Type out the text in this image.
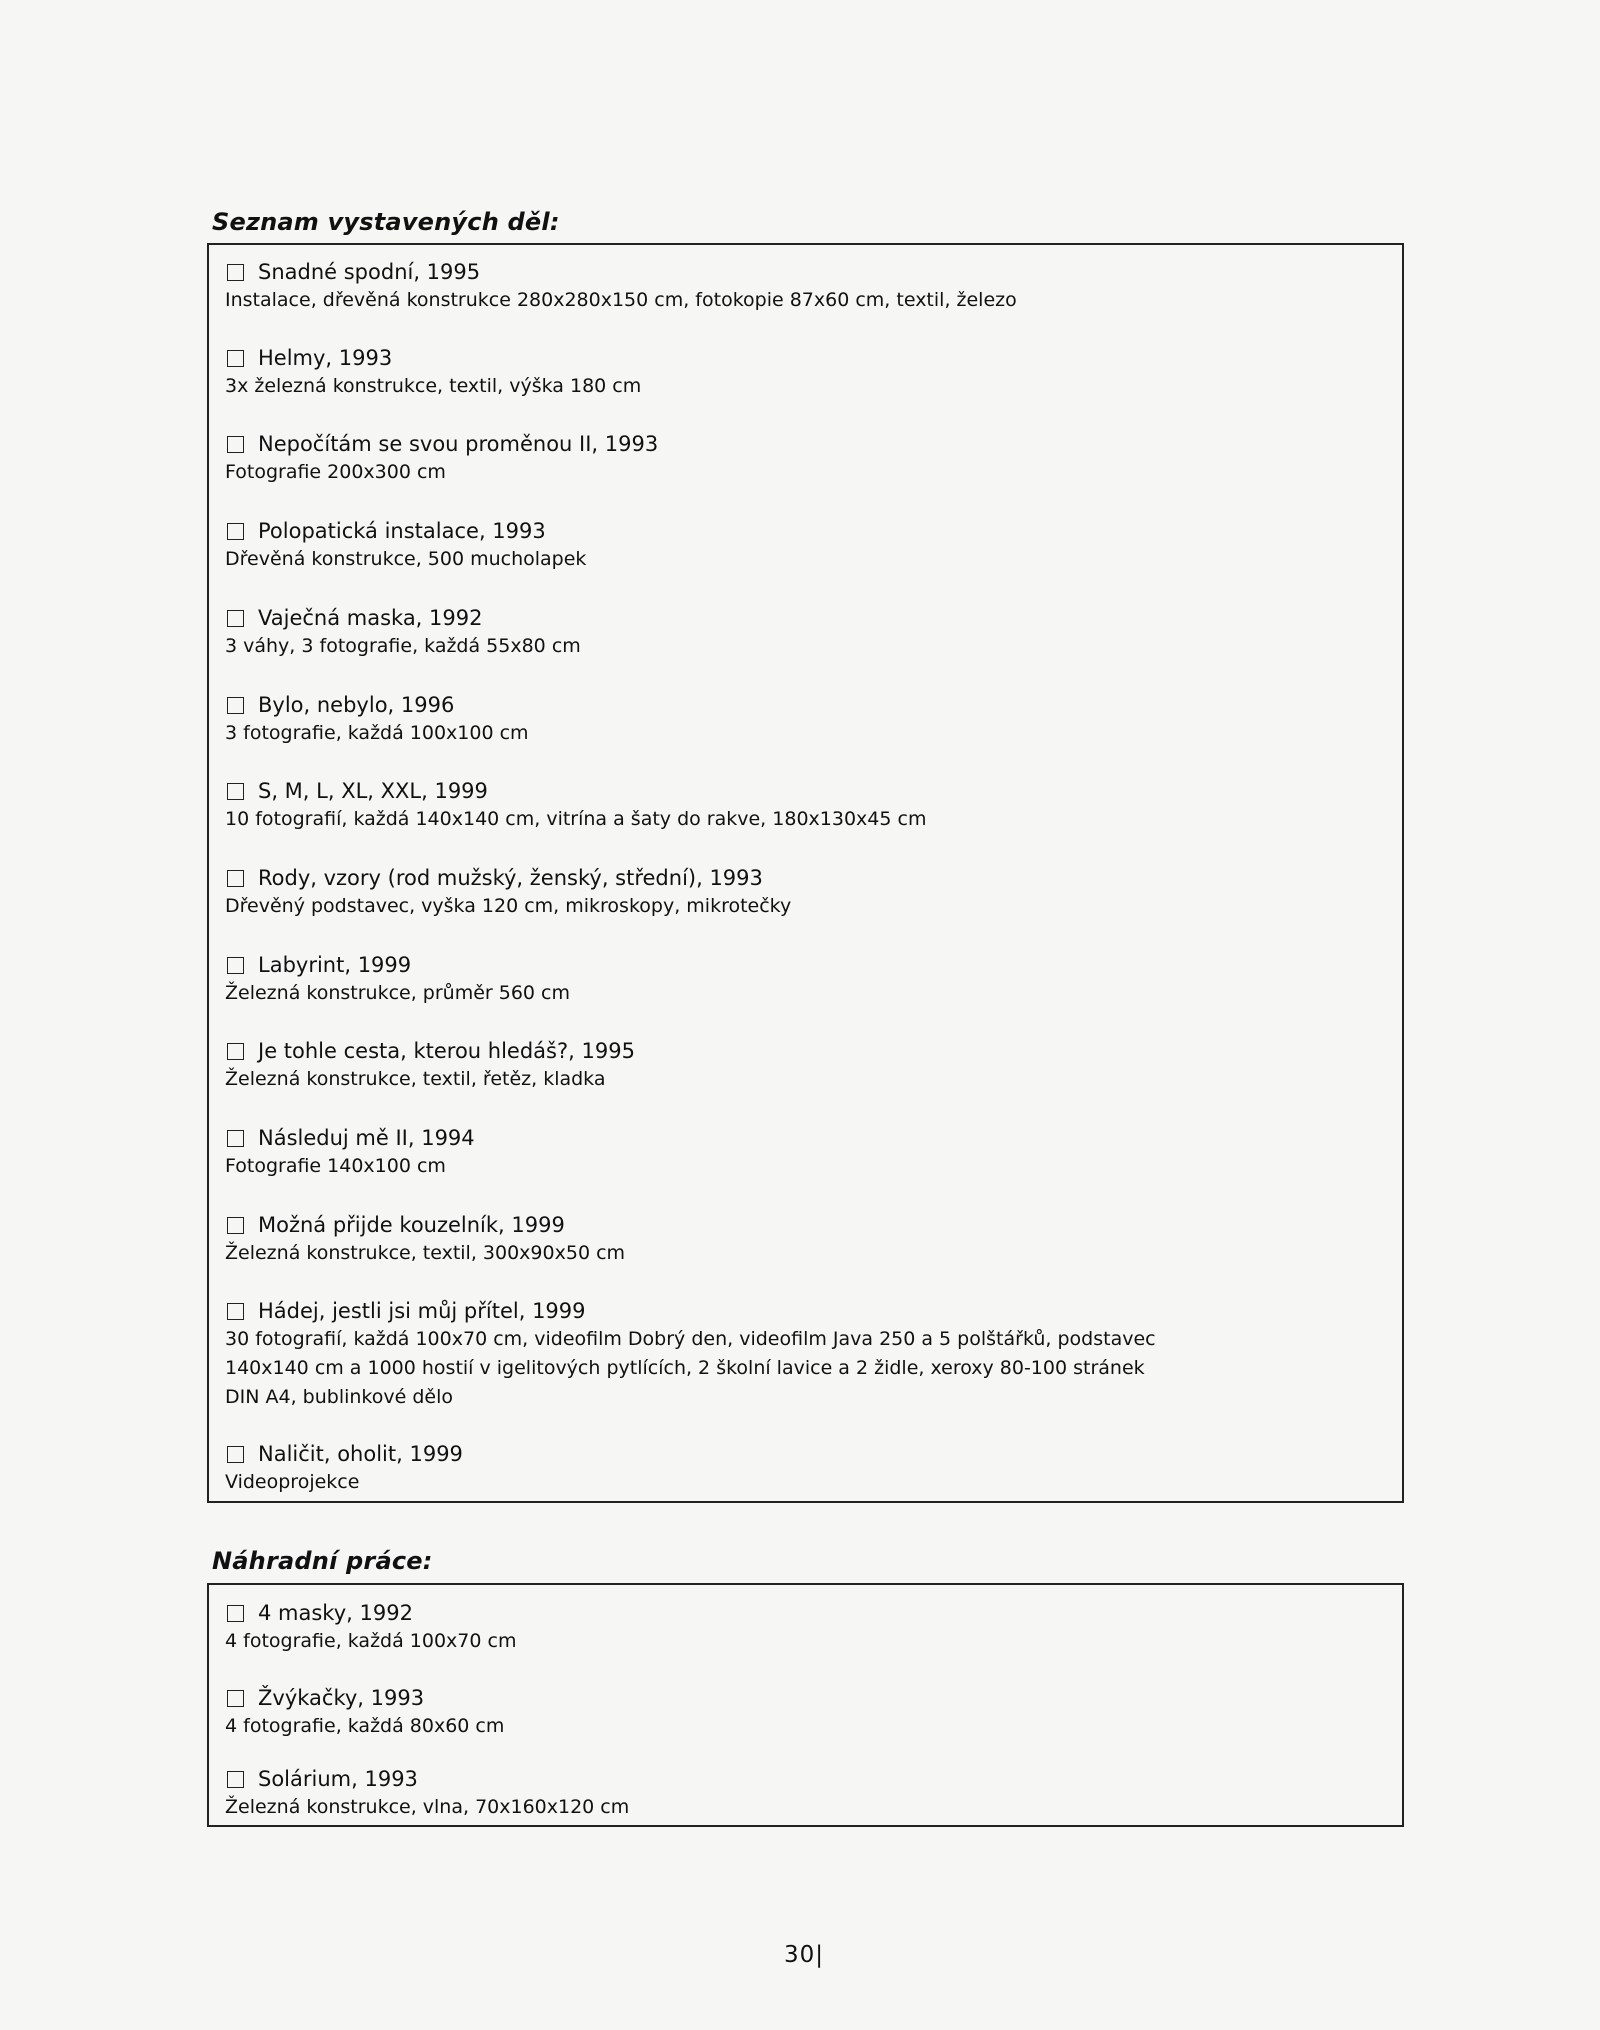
Seznam vystavených děl:
Snadné spodní, 1995
Instalace, dřevěná konstrukce 280x280x150 cm, fotokopie 87x60 cm, textil, železo
Helmy, 1993
3x železná konstrukce, textil, výška 180 cm
Nepočítám se svou proměnou II, 1993
Fotografie 200x300 cm
Polopatická instalace, 1993
Dřevěná konstrukce, 500 mucholapek
Vaječná maska, 1992
3 váhy, 3 fotografie, každá 55x80 cm
Bylo, nebylo, 1996
3 fotografie, každá 100x100 cm
S, M, L, XL, XXL, 1999
10 fotografií, každá 140x140 cm, vitrína a šaty do rakve, 180x130x45 cm
Rody, vzory (rod mužský, ženský, střední), 1993
Dřevěný podstavec, vyška 120 cm, mikroskopy, mikrotečky
Labyrint, 1999
Železná konstrukce, průměr 560 cm
Je tohle cesta, kterou hledáš?, 1995
Železná konstrukce, textil, řetěz, kladka
Následuj mě II, 1994
Fotografie 140x100 cm
Možná přijde kouzelník, 1999
Železná konstrukce, textil, 300x90x50 cm
Hádej, jestli jsi můj přítel, 1999
30 fotografií, každá 100x70 cm, videofilm Dobrý den, videofilm Java 250 a 5 polštářků, podstavec
140x140 cm a 1000 hostií v igelitových pytlících, 2 školní lavice a 2 židle, xeroxy 80-100 stránek
DIN A4, bublinkové dělo
Naličit, oholit, 1999
Videoprojekce
Náhradní práce:
4 masky, 1992
4 fotografie, každá 100x70 cm
Žvýkačky, 1993
4 fotografie, každá 80x60 cm
Solárium, 1993
Železná konstrukce, vlna, 70x160x120 cm
30|
